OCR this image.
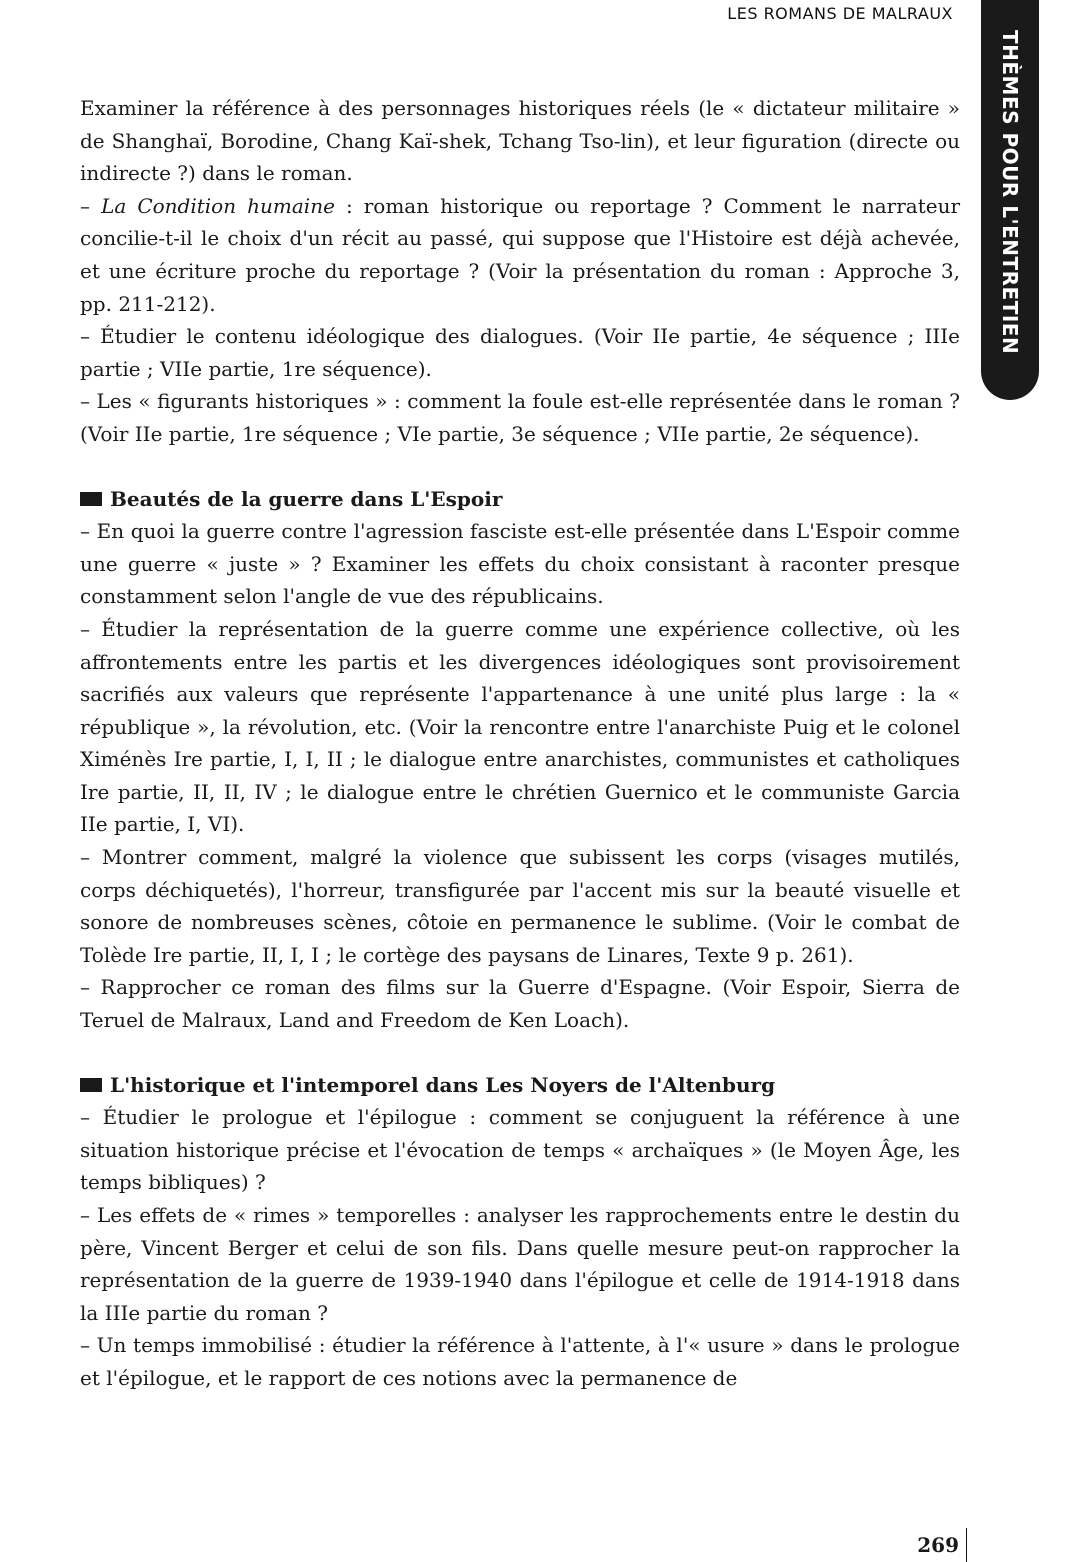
LES ROMANS DE MALRAUX
THÈMES POUR L'ENTRETIEN

Examiner la référence à des personnages historiques réels (le « dictateur militaire » de Shanghaï, Borodine, Chang Kaï-shek, Tchang Tso-lin), et leur figuration (directe ou indirecte ?) dans le roman.

– La Condition humaine : roman historique ou reportage ? Comment le narrateur concilie-t-il le choix d'un récit au passé, qui suppose que l'Histoire est déjà achevée, et une écriture proche du reportage ? (Voir la présentation du roman : Approche 3, pp. 211-212).

– Étudier le contenu idéologique des dialogues. (Voir IIe partie, 4e séquence ; IIIe partie ; VIIe partie, 1re séquence).

– Les « figurants historiques » : comment la foule est-elle représentée dans le roman ? (Voir IIe partie, 1re séquence ; VIe partie, 3e séquence ; VIIe partie, 2e séquence).

Beautés de la guerre dans L'Espoir

– En quoi la guerre contre l'agression fasciste est-elle présentée dans L'Espoir comme une guerre « juste » ? Examiner les effets du choix consistant à raconter presque constamment selon l'angle de vue des républicains.

– Étudier la représentation de la guerre comme une expérience collective, où les affrontements entre les partis et les divergences idéologiques sont provisoirement sacrifiés aux valeurs que représente l'appartenance à une unité plus large : la « république », la révolution, etc. (Voir la rencontre entre l'anarchiste Puig et le colonel Ximénès Ire partie, I, I, II ; le dialogue entre anarchistes, communistes et catholiques Ire partie, II, II, IV ; le dialogue entre le chrétien Guernico et le communiste Garcia IIe partie, I, VI).

– Montrer comment, malgré la violence que subissent les corps (visages mutilés, corps déchiquetés), l'horreur, transfigurée par l'accent mis sur la beauté visuelle et sonore de nombreuses scènes, côtoie en permanence le sublime. (Voir le combat de Tolède Ire partie, II, I, I ; le cortège des paysans de Linares, Texte 9 p. 261).

– Rapprocher ce roman des films sur la Guerre d'Espagne. (Voir Espoir, Sierra de Teruel de Malraux, Land and Freedom de Ken Loach).

L'historique et l'intemporel dans Les Noyers de l'Altenburg

– Étudier le prologue et l'épilogue : comment se conjuguent la référence à une situation historique précise et l'évocation de temps « archaïques » (le Moyen Âge, les temps bibliques) ?

– Les effets de « rimes » temporelles : analyser les rapprochements entre le destin du père, Vincent Berger et celui de son fils. Dans quelle mesure peut-on rapprocher la représentation de la guerre de 1939-1940 dans l'épilogue et celle de 1914-1918 dans la IIIe partie du roman ?

– Un temps immobilisé : étudier la référence à l'attente, à l'« usure » dans le prologue et l'épilogue, et le rapport de ces notions avec la permanence de

269
